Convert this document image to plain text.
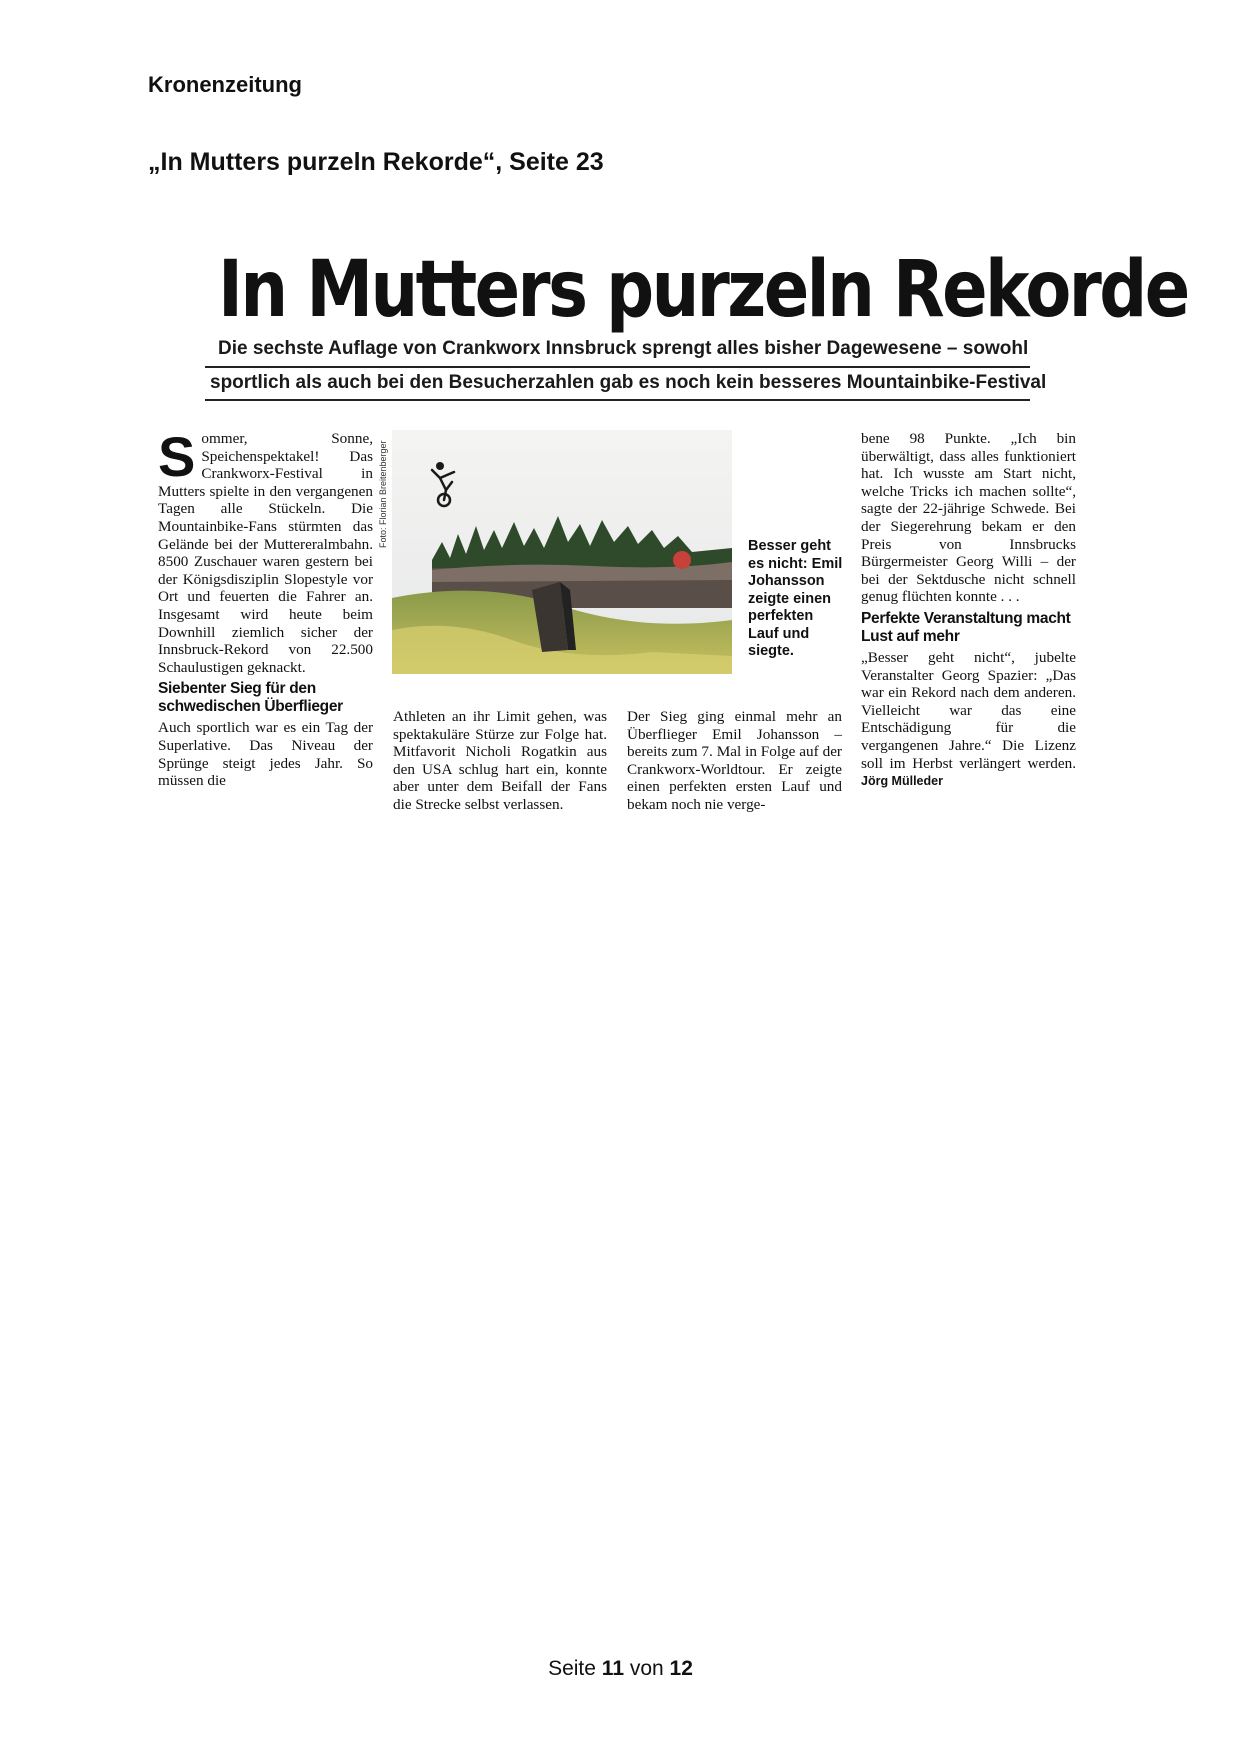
Kronenzeitung
„In Mutters purzeln Rekorde“, Seite 23
In Mutters purzeln Rekorde
Die sechste Auflage von Crankworx Innsbruck sprengt alles bisher Dagewesene – sowohl
sportlich als auch bei den Besucherzahlen gab es noch kein besseres Mountainbike-Festival
S ommer, Sonne, Speichenspektakel! Das Crankworx-Festival in Mutters spielte in den vergangenen Tagen alle Stückeln. Die Mountainbike-Fans stürmten das Gelände bei der Muttereralmbahn. 8500 Zuschauer waren gestern bei der Königsdisziplin Slopestyle vor Ort und feuerten die Fahrer an. Insgesamt wird heute beim Downhill ziemlich sicher der Innsbruck-Rekord von 22.500 Schaulustigen geknackt.

Siebenter Sieg für den schwedischen Überflieger

Auch sportlich war es ein Tag der Superlative. Das Niveau der Sprünge steigt jedes Jahr. So müssen die

Foto: Florian Breitenberger	Besser geht es nicht: Emil Johansson zeigte einen perfekten Lauf und siegte.

Athleten an ihr Limit gehen, was spektakuläre Stürze zur Folge hat. Mitfavorit Nicholi Rogatkin aus den USA schlug hart ein, konnte aber unter dem Beifall der Fans die Strecke selbst verlassen.

Der Sieg ging einmal mehr an Überflieger Emil Johansson – bereits zum 7. Mal in Folge auf der Crankworx-Worldtour. Er zeigte einen perfekten ersten Lauf und bekam noch nie verge-

bene 98 Punkte. „Ich bin überwältigt, dass alles funktioniert hat. Ich wusste am Start nicht, welche Tricks ich machen sollte“, sagte der 22-jährige Schwede. Bei der Siegerehrung bekam er den Preis von Innsbrucks Bürgermeister Georg Willi – der bei der Sektdusche nicht schnell genug flüchten konnte . . .

Perfekte Veranstaltung macht Lust auf mehr

„Besser geht nicht“, jubelte Veranstalter Georg Spazier: „Das war ein Rekord nach dem anderen. Vielleicht war das eine Entschädigung für die vergangenen Jahre.“ Die Lizenz soll im Herbst verlängert werden. Jörg Mülleder

Seite 11 von 12
